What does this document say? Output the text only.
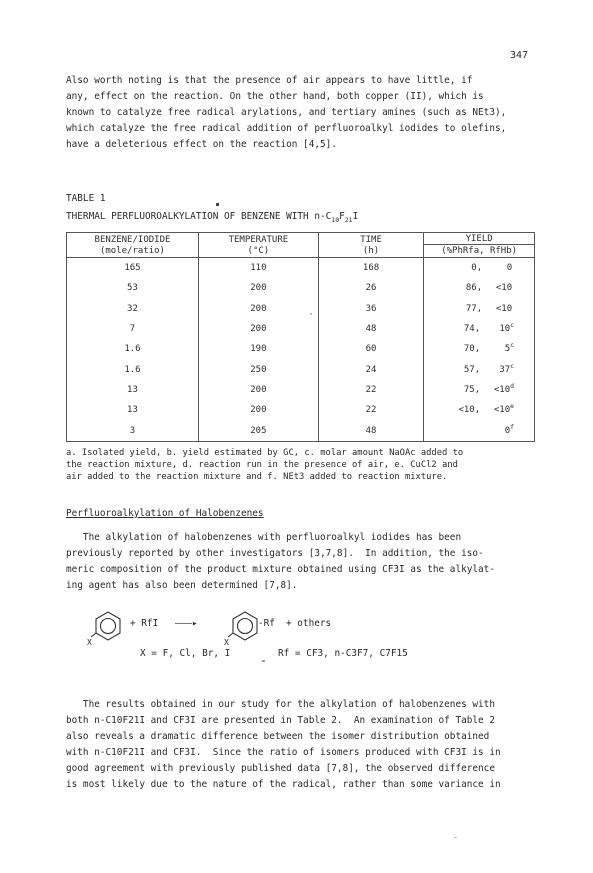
347
Also worth noting is that the presence of air appears to have little, if
any, effect on the reaction. On the other hand, both copper (II), which is
known to catalyze free radical arylations, and tertiary amines (such as NEt3),
which catalyze the free radical addition of perfluoroalkyl iodides to olefins,
have a deleterious effect on the reaction [4,5].
TABLE 1
THERMAL PERFLUOROALKYLATION OF BENZENE WITH $n-C_{10}F_{21}I$
BENZENE/IODIDE	TEMPERATURE	TIME	YIELD

(mole/ratio)	(°C)	(h)	(%PhRfa, RfHb)
165	110	168	0, 0
53	200	26	86, <10
32	200	36	77, <10
7	200	48	74, 10$^c$
1.6	190	60	70, 5$^c$
1.6	250	24	57, 37$^c$
13	200	22	75, $<10^d$
13	200	22	<10, $<10^e$
3	205	48	0$^f$
a. Isolated yield, b. yield estimated by GC, c. molar amount NaOAc added to
the reaction mixture, d. reaction run in the presence of air, e. CuCl2 and
air added to the reaction mixture and f. NEt3 added to reaction mixture.
Perfluoroalkylation of Halobenzenes
The alkylation of halobenzenes with perfluoroalkyl iodides has been
previously reported by other investigators [3,7,8].  In addition, the iso-
meric composition of the product mixture obtained using CF3I as the alkylat-
ing agent has also been determined [7,8].
+ RfI ———▸	-Rf + others
X	X
X = F, Cl, Br, I	Rf = CF3, n-C3F7, C7F15
The results obtained in our study for the alkylation of halobenzenes with
both n-C10F21I and CF3I are presented in Table 2.  An examination of Table 2
also reveals a dramatic difference between the isomer distribution obtained
with n-C10F21I and CF3I.  Since the ratio of isomers produced with CF3I is in
good agreement with previously published data [7,8], the observed difference
is most likely due to the nature of the radical, rather than some variance in
